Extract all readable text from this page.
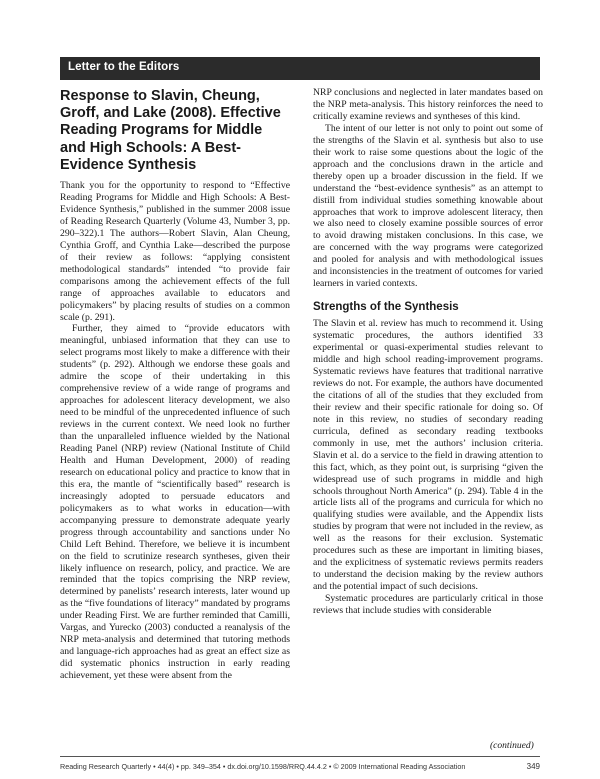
Letter to the Editors
Response to Slavin, Cheung, Groff, and Lake (2008). Effective Reading Programs for Middle and High Schools: A Best-Evidence Synthesis

Thank you for the opportunity to respond to “Effective Reading Programs for Middle and High Schools: A Best-Evidence Synthesis,” published in the summer 2008 issue of Reading Research Quarterly (Volume 43, Number 3, pp. 290–322).1 The authors—Robert Slavin, Alan Cheung, Cynthia Groff, and Cynthia Lake—described the purpose of their review as follows: “applying consistent methodological standards” intended “to provide fair comparisons among the achievement effects of the full range of approaches available to educators and policymakers” by placing results of studies on a common scale (p. 291).

Further, they aimed to “provide educators with meaningful, unbiased information that they can use to select programs most likely to make a difference with their students” (p. 292). Although we endorse these goals and admire the scope of their undertaking in this comprehensive review of a wide range of programs and approaches for adolescent literacy development, we also need to be mindful of the unprecedented influence of such reviews in the current context. We need look no further than the unparalleled influence wielded by the National Reading Panel (NRP) review (National Institute of Child Health and Human Development, 2000) of reading research on educational policy and practice to know that in this era, the mantle of “scientifically based” research is increasingly adopted to persuade educators and policymakers as to what works in education—with accompanying pressure to demonstrate adequate yearly progress through accountability and sanctions under No Child Left Behind. Therefore, we believe it is incumbent on the field to scrutinize research syntheses, given their likely influence on research, policy, and practice. We are reminded that the topics comprising the NRP review, determined by panelists’ research interests, later wound up as the “five foundations of literacy” mandated by programs under Reading First. We are further reminded that Camilli, Vargas, and Yurecko (2003) conducted a reanalysis of the NRP meta-analysis and determined that tutoring methods and language-rich approaches had as great an effect size as did systematic phonics instruction in early reading achievement, yet these were absent from the

NRP conclusions and neglected in later mandates based on the NRP meta-analysis. This history reinforces the need to critically examine reviews and syntheses of this kind.

The intent of our letter is not only to point out some of the strengths of the Slavin et al. synthesis but also to use their work to raise some questions about the logic of the approach and the conclusions drawn in the article and thereby open up a broader discussion in the field. If we understand the “best-evidence synthesis” as an attempt to distill from individual studies something knowable about approaches that work to improve adolescent literacy, then we also need to closely examine possible sources of error to avoid drawing mistaken conclusions. In this case, we are concerned with the way programs were categorized and pooled for analysis and with methodological issues and inconsistencies in the treatment of outcomes for varied learners in varied contexts.

Strengths of the Synthesis

The Slavin et al. review has much to recommend it. Using systematic procedures, the authors identified 33 experimental or quasi-experimental studies relevant to middle and high school reading-improvement programs. Systematic reviews have features that traditional narrative reviews do not. For example, the authors have documented the citations of all of the studies that they excluded from their review and their specific rationale for doing so. Of note in this review, no studies of secondary reading curricula, defined as secondary reading textbooks commonly in use, met the authors’ inclusion criteria. Slavin et al. do a service to the field in drawing attention to this fact, which, as they point out, is surprising “given the widespread use of such programs in middle and high schools throughout North America” (p. 294). Table 4 in the article lists all of the programs and curricula for which no qualifying studies were available, and the Appendix lists studies by program that were not included in the review, as well as the reasons for their exclusion. Systematic procedures such as these are important in limiting biases, and the explicitness of systematic reviews permits readers to understand the decision making by the review authors and the potential impact of such decisions.

Systematic procedures are particularly critical in those reviews that include studies with considerable

(continued)
Reading Research Quarterly • 44(4) • pp. 349–354 • dx.doi.org/10.1598/RRQ.44.4.2 • © 2009 International Reading Association	349
